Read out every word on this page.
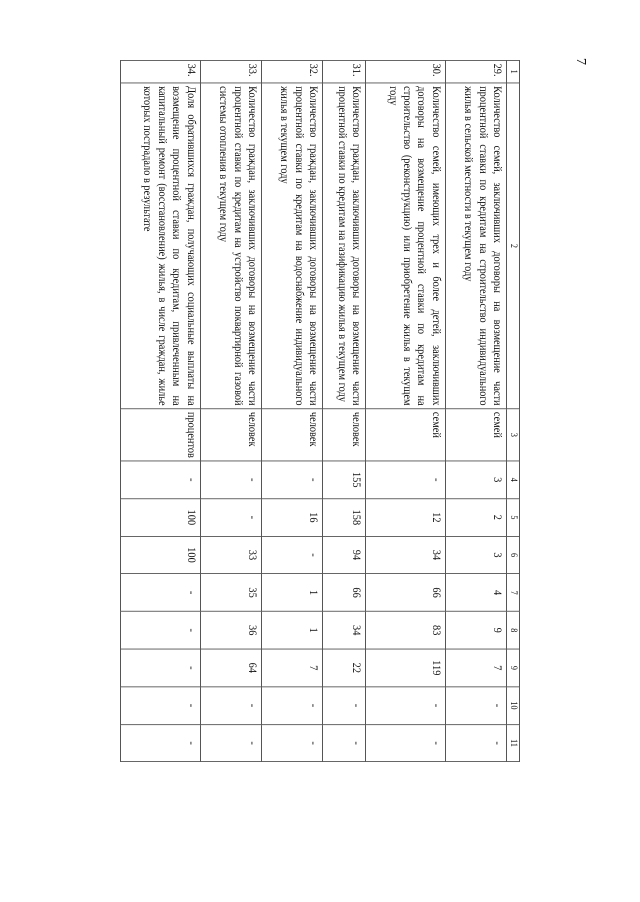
7
1	2	3	4	5	6	7	8	9	10	11
29.	Количество семей, заключивших договоры на возмещение части процентной ставки по кредитам на строительство индивидуального жилья в сельской местности в текущем году	семей	3	2	3	4	9	7	-	-
30.	Количество семей, имеющих трех и более детей, заключивших договоры на возмещение процентной ставки по кредитам на строительство (реконструкцию) или приобретение жилья в текущем году	семей	-	12	34	66	83	119	-	-
31.	Количество граждан, заключивших договоры на возмещение части процентной ставки по кредитам на газификацию жилья в текущем году	человек	155	158	94	66	34	22	-	-
32.	Количество граждан, заключивших договоры на возмещение части процентной ставки по кредитам на водоснабжение индивидуального жилья в текущем году	человек	-	16	-	1	1	7	-	-
33.	Количество граждан, заключивших договоры на возмещение части процентной ставки по кредитам на устройство поквартирной газовой системы отопления в текущем году	человек	-	-	33	35	36	64	-	-
34.	Доля обратившихся граждан, получающих социальные выплаты на возмещение процентной ставки по кредитам, привлеченным на капитальный ремонт (восстановление) жилья, в числе граждан, жилье которых пострадало в результате	процентов	-	100	100	-	-	-	-	-
